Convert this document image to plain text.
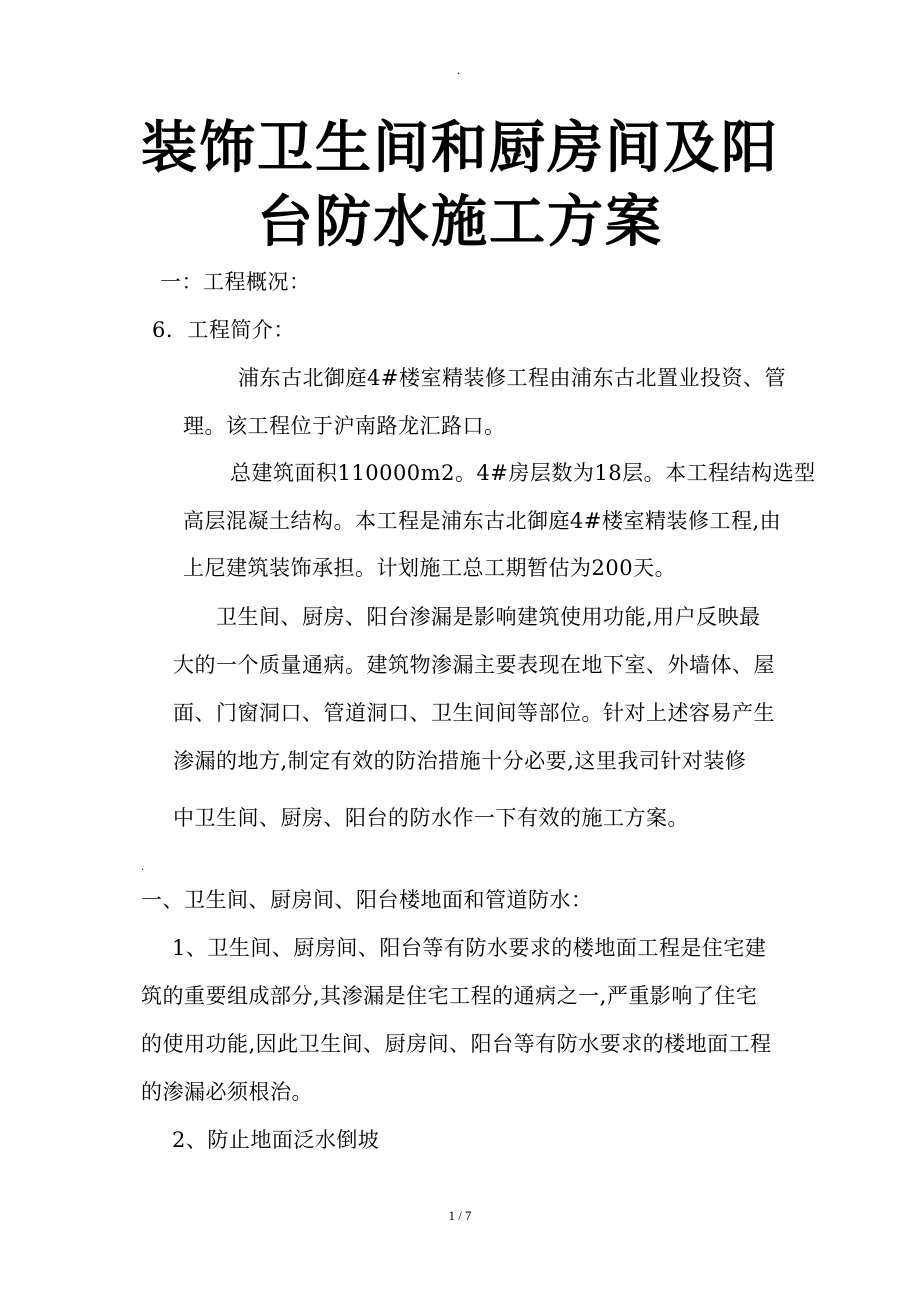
.
装饰卫生间和厨房间及阳
台防水施工方案

一：工程概况：

6．工程简介：

浦东古北御庭4#楼室精装修工程由浦东古北置业投资、管

理。该工程位于沪南路龙汇路口。

总建筑面积110000m2。4#房层数为18层。本工程结构选型

高层混凝土结构。本工程是浦东古北御庭4#楼室精装修工程,由

上尼建筑装饰承担。计划施工总工期暂估为200天。

卫生间、厨房、阳台渗漏是影响建筑使用功能,用户反映最

大的一个质量通病。建筑物渗漏主要表现在地下室、外墙体、屋

面、门窗洞口、管道洞口、卫生间间等部位。针对上述容易产生

渗漏的地方,制定有效的防治措施十分必要,这里我司针对装修

中卫生间、厨房、阳台的防水作一下有效的施工方案。

.

一、卫生间、厨房间、阳台楼地面和管道防水：

1、卫生间、厨房间、阳台等有防水要求的楼地面工程是住宅建

筑的重要组成部分,其渗漏是住宅工程的通病之一,严重影响了住宅

的使用功能,因此卫生间、厨房间、阳台等有防水要求的楼地面工程

的渗漏必须根治。

2、防止地面泛水倒坡

1 / 7
